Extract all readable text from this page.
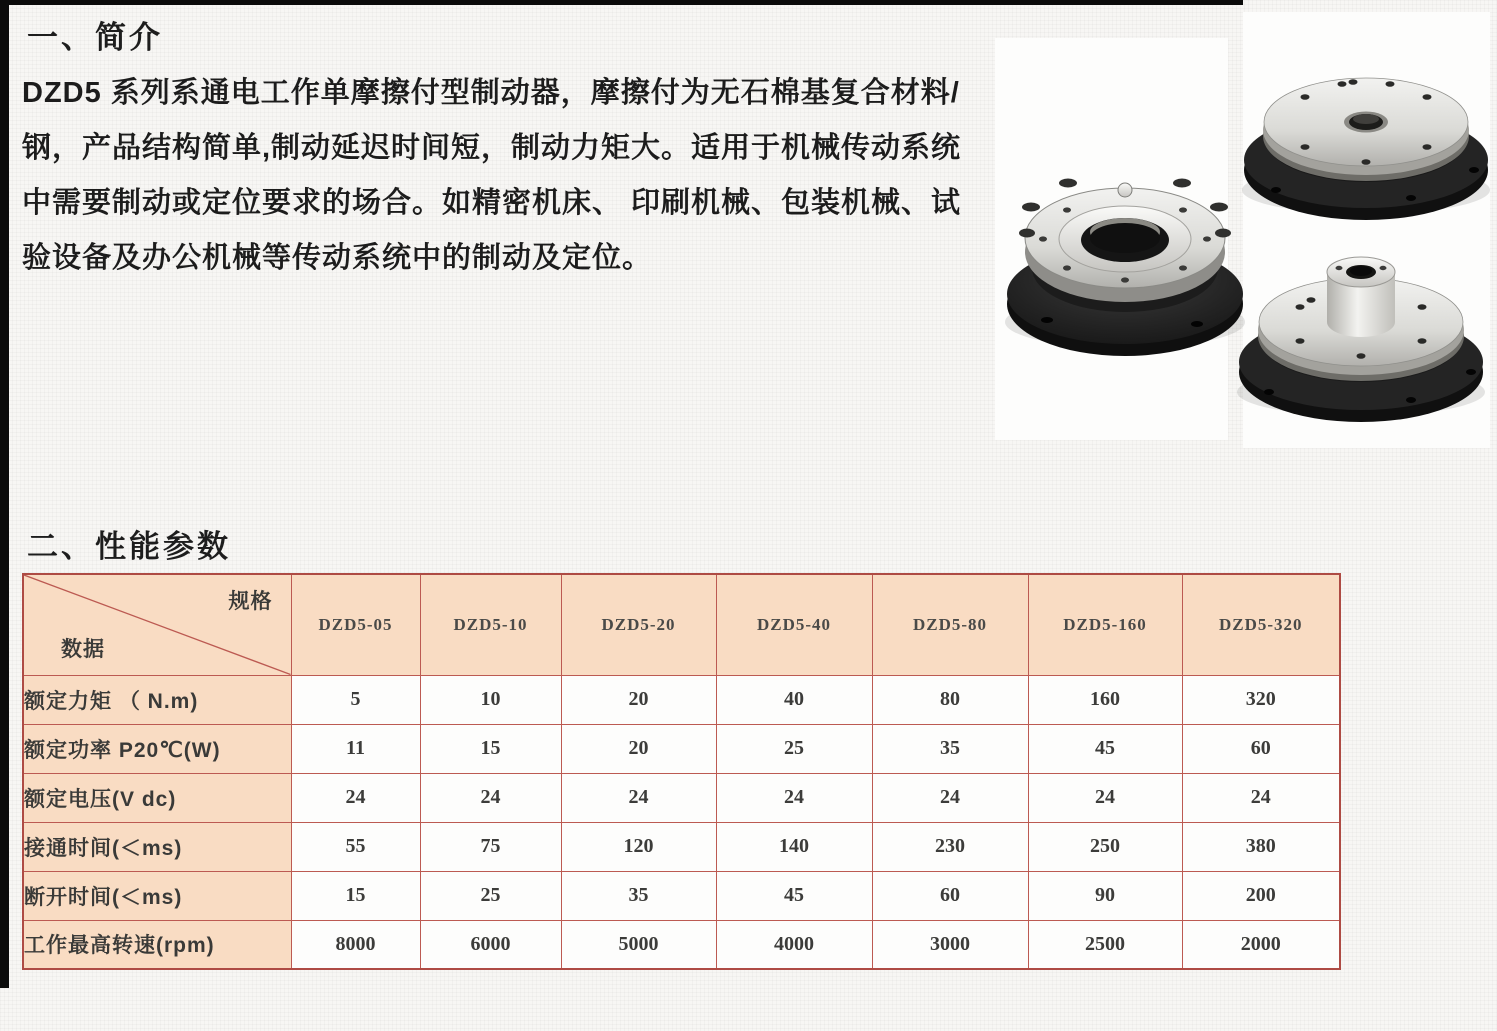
一、简介
DZD5 系列系通电工作单摩擦付型制动器，摩擦付为无石棉基复合材料/
钢，产品结构简单,制动延迟时间短，制动力矩大。适用于机械传动系统
中需要制动或定位要求的场合。如精密机床、 印刷机械、包装机械、试
验设备及办公机械等传动系统中的制动及定位。
二、性能参数
规格
数据	DZD5-05	DZD5-10	DZD5-20	DZD5-40	DZD5-80	DZD5-160	DZD5-320
额定力矩 （ N.m)	5	10	20	40	80	160	320
额定功率 P20℃(W)	11	15	20	25	35	45	60
额定电压(V dc)	24	24	24	24	24	24	24
接通时间(＜ms)	55	75	120	140	230	250	380
断开时间(＜ms)	15	25	35	45	60	90	200
工作最高转速(rpm)	8000	6000	5000	4000	3000	2500	2000
